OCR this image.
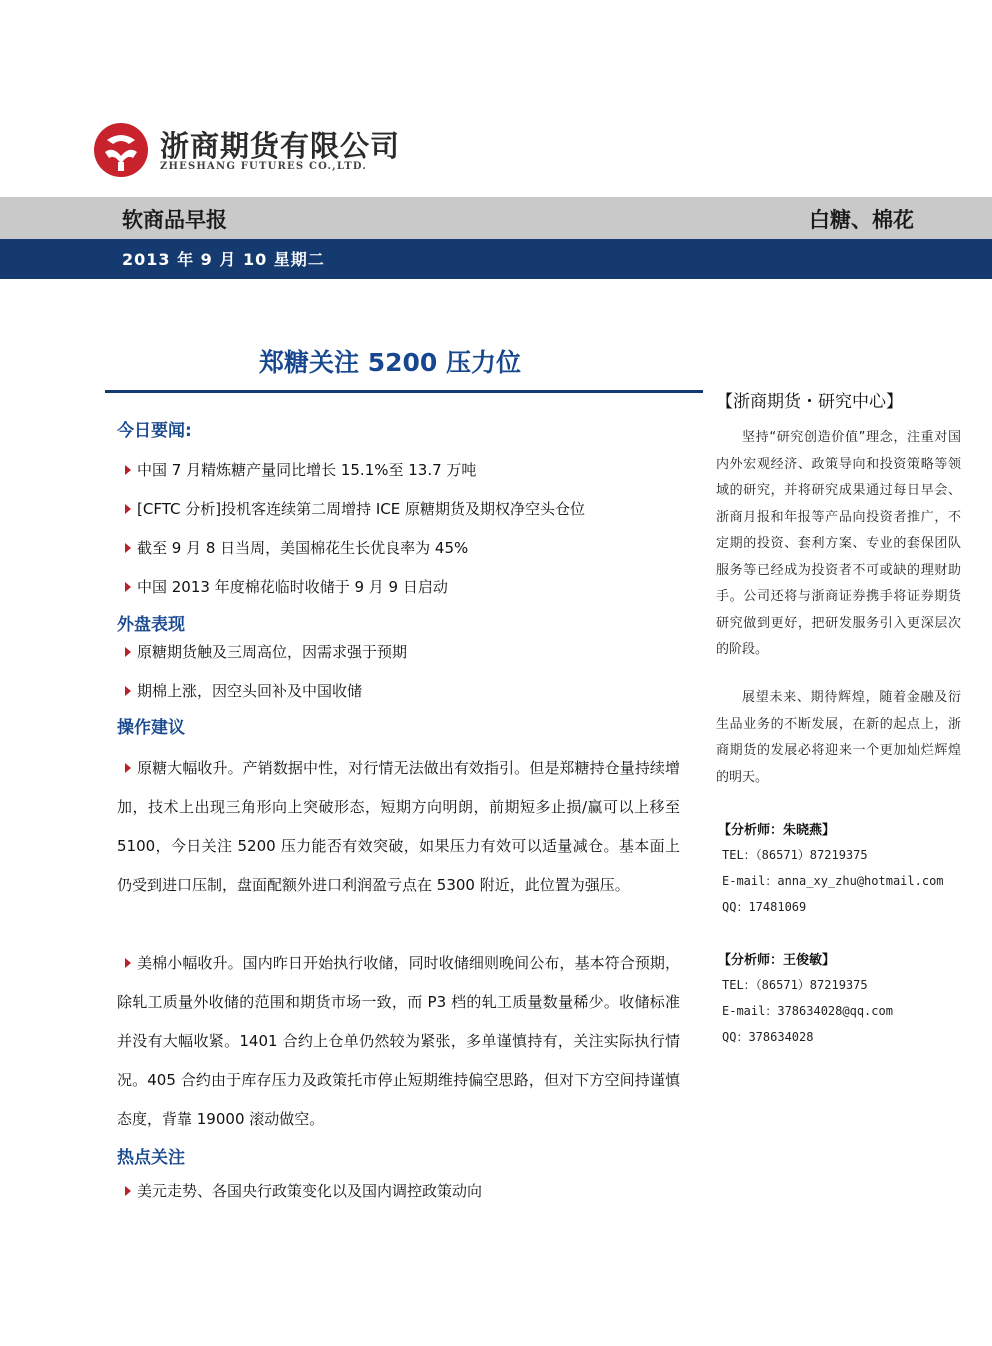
浙商期货有限公司
ZHESHANG FUTURES CO.,LTD.
软商品早报	白糖、棉花
2013 年 9 月 10 星期二
郑糖关注 5200 压力位
今日要闻:
中国 7 月精炼糖产量同比增长 15.1%至 13.7 万吨
[CFTC 分析]投机客连续第二周增持 ICE 原糖期货及期权净空头仓位
截至 9 月 8 日当周，美国棉花生长优良率为 45%
中国 2013 年度棉花临时收储于 9 月 9 日启动
外盘表现
原糖期货触及三周高位，因需求强于预期
期棉上涨，因空头回补及中国收储
操作建议

原糖大幅收升。产销数据中性，对行情无法做出有效指引。但是郑糖持仓量持续增加，技术上出现三角形向上突破形态，短期方向明朗，前期短多止损/赢可以上移至 5100，今日关注 5200 压力能否有效突破，如果压力有效可以适量减仓。基本面上仍受到进口压制，盘面配额外进口利润盈亏点在 5300 附近，此位置为强压。

美棉小幅收升。国内昨日开始执行收储，同时收储细则晚间公布，基本符合预期，除轧工质量外收储的范围和期货市场一致，而 P3 档的轧工质量数量稀少。收储标准并没有大幅收紧。1401 合约上仓单仍然较为紧张，多单谨慎持有，关注实际执行情况。405 合约由于库存压力及政策托市停止短期维持偏空思路，但对下方空间持谨慎态度，背靠 19000 滚动做空。

热点关注
美元走势、各国央行政策变化以及国内调控政策动向
【浙商期货・研究中心】

坚持“研究创造价值”理念，注重对国内外宏观经济、政策导向和投资策略等领域的研究，并将研究成果通过每日早会、浙商月报和年报等产品向投资者推广，不定期的投资、套利方案、专业的套保团队服务等已经成为投资者不可或缺的理财助手。公司还将与浙商证券携手将证券期货研究做到更好，把研发服务引入更深层次的阶段。

展望未来、期待辉煌，随着金融及衍生品业务的不断发展，在新的起点上，浙商期货的发展必将迎来一个更加灿烂辉煌的明天。

【分析师：朱晓燕】
TEL：（86571）87219375
E-mail：anna_xy_zhu@hotmail.com
QQ：17481069
【分析师：王俊敏】
TEL：（86571）87219375
E-mail：378634028@qq.com
QQ：378634028
